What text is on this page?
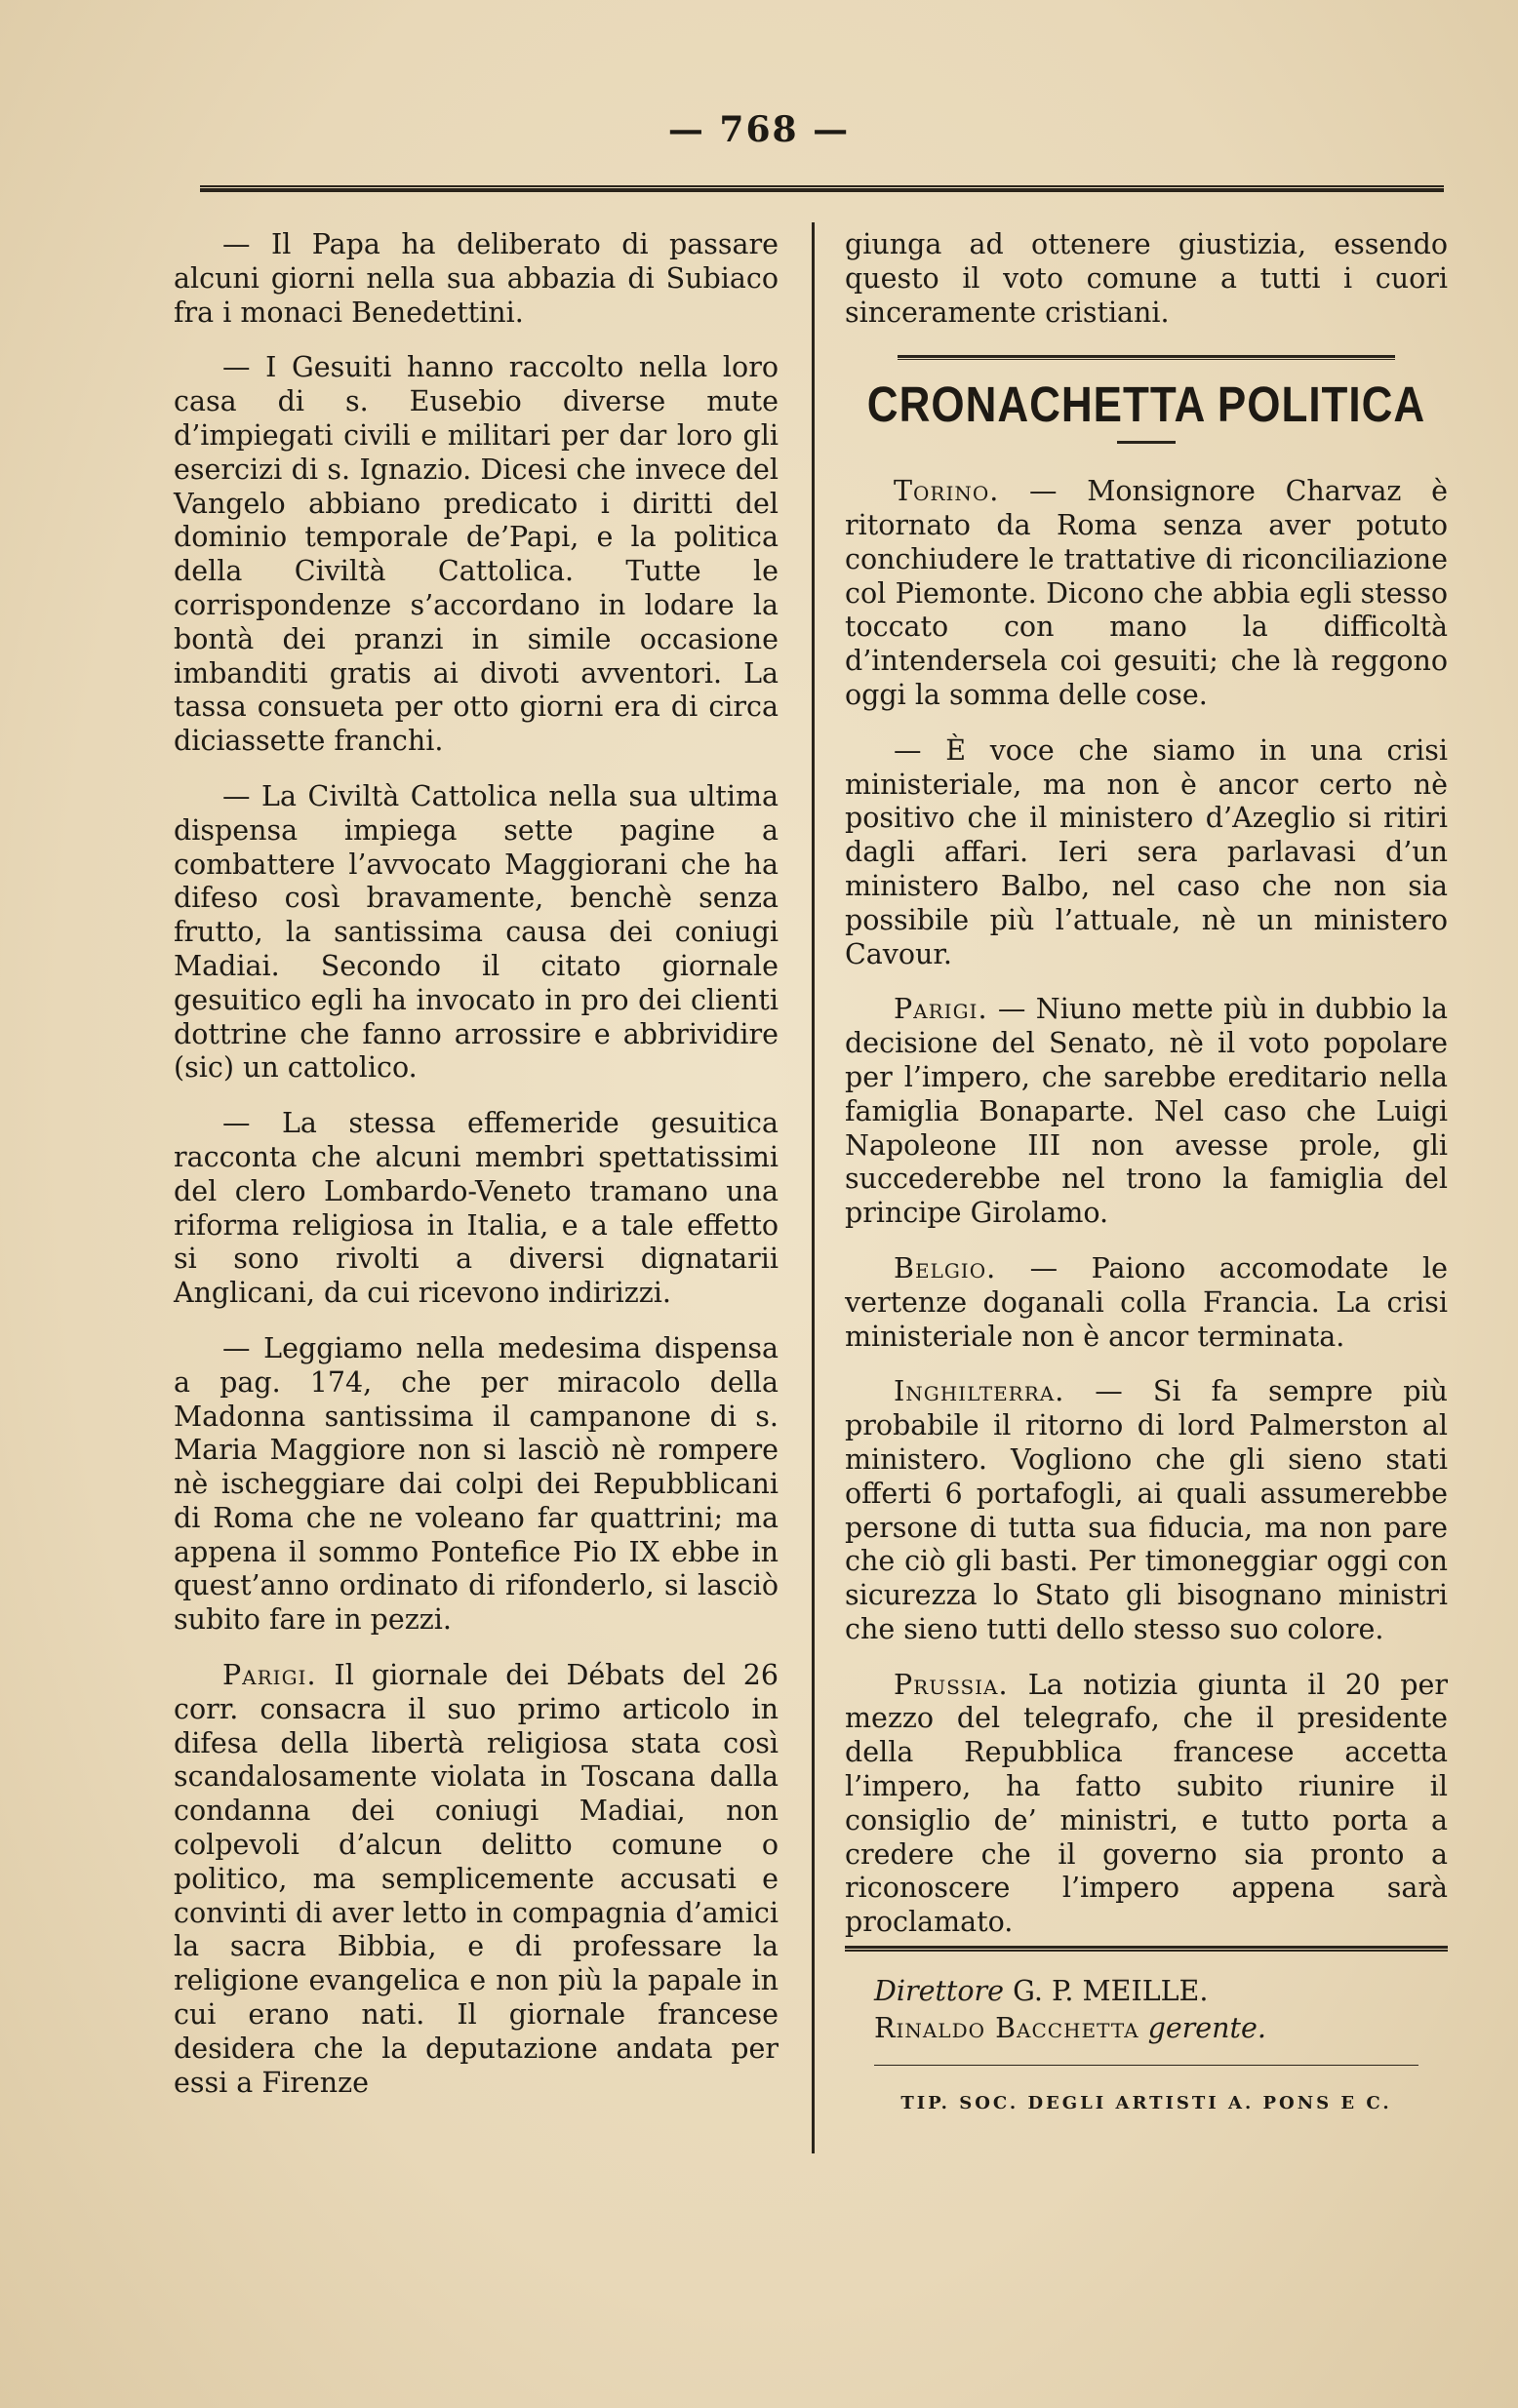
— 768 —

— Il Papa ha deliberato di passare alcuni giorni nella sua abbazia di Subiaco fra i monaci Benedettini.

— I Gesuiti hanno raccolto nella loro casa di s. Eusebio diverse mute d’impiegati civili e militari per dar loro gli esercizi di s. Ignazio. Dicesi che invece del Vangelo abbiano predicato i diritti del dominio temporale de’Papi, e la politica della Civiltà Cattolica. Tutte le corrispondenze s’accordano in lodare la bontà dei pranzi in simile occasione imbanditi gratis ai divoti avventori. La tassa consueta per otto giorni era di circa diciassette franchi.

— La Civiltà Cattolica nella sua ultima dispensa impiega sette pagine a combattere l’avvocato Maggiorani che ha difeso così bravamente, benchè senza frutto, la santissima causa dei coniugi Madiai. Secondo il citato giornale gesuitico egli ha invocato in pro dei clienti dottrine che fanno arrossire e abbrividire (sic) un cattolico.

— La stessa effemeride gesuitica racconta che alcuni membri spettatissimi del clero Lombardo-Veneto tramano una riforma religiosa in Italia, e a tale effetto si sono rivolti a diversi dignatarii Anglicani, da cui ricevono indirizzi.

— Leggiamo nella medesima dispensa a pag. 174, che per miracolo della Madonna santissima il campanone di s. Maria Maggiore non si lasciò nè rompere nè ischeggiare dai colpi dei Repubblicani di Roma che ne voleano far quattrini; ma appena il sommo Pontefice Pio IX ebbe in quest’anno ordinato di rifonderlo, si lasciò subito fare in pezzi.

Parigi. Il giornale dei Débats del 26 corr. consacra il suo primo articolo in difesa della libertà religiosa stata così scandalosamente violata in Toscana dalla condanna dei coniugi Madiai, non colpevoli d’alcun delitto comune o politico, ma semplicemente accusati e convinti di aver letto in compagnia d’amici la sacra Bibbia, e di professare la religione evangelica e non più la papale in cui erano nati. Il giornale francese desidera che la deputazione andata per essi a Firenze

giunga ad ottenere giustizia, essendo questo il voto comune a tutti i cuori sinceramente cristiani.

CRONACHETTA POLITICA

Torino. — Monsignore Charvaz è ritornato da Roma senza aver potuto conchiudere le trattative di riconciliazione col Piemonte. Dicono che abbia egli stesso toccato con mano la difficoltà d’intendersela coi gesuiti; che là reggono oggi la somma delle cose.

— È voce che siamo in una crisi ministeriale, ma non è ancor certo nè positivo che il ministero d’Azeglio si ritiri dagli affari. Ieri sera parlavasi d’un ministero Balbo, nel caso che non sia possibile più l’attuale, nè un ministero Cavour.

Parigi. — Niuno mette più in dubbio la decisione del Senato, nè il voto popolare per l’impero, che sarebbe ereditario nella famiglia Bonaparte. Nel caso che Luigi Napoleone III non avesse prole, gli succederebbe nel trono la famiglia del principe Girolamo.

Belgio. — Paiono accomodate le vertenze doganali colla Francia. La crisi ministeriale non è ancor terminata.

Inghilterra. — Si fa sempre più probabile il ritorno di lord Palmerston al ministero. Vogliono che gli sieno stati offerti 6 portafogli, ai quali assumerebbe persone di tutta sua fiducia, ma non pare che ciò gli basti. Per timoneggiar oggi con sicurezza lo Stato gli bisognano ministri che sieno tutti dello stesso suo colore.

Prussia. La notizia giunta il 20 per mezzo del telegrafo, che il presidente della Repubblica francese accetta l’impero, ha fatto subito riunire il consiglio de’ ministri, e tutto porta a credere che il governo sia pronto a riconoscere l’impero appena sarà proclamato.

Direttore G. P. MEILLE.
Rinaldo Bacchetta gerente.
TIP. SOC. DEGLI ARTISTI A. PONS E C.
